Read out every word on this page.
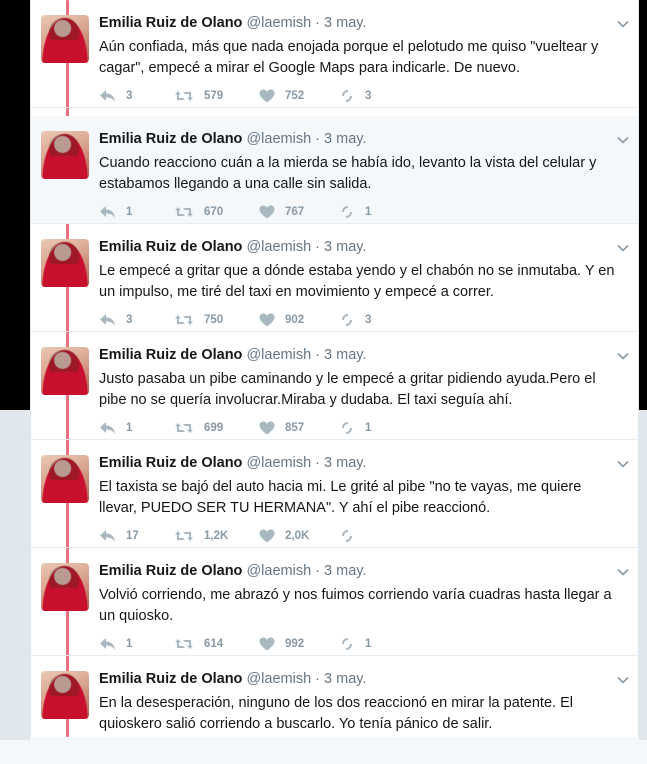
Emilia Ruiz de Olano @laemish · 3 may.
Aún confiada, más que nada enojada porque el pelotudo me quiso "vueltear y cagar", empecé a mirar el Google Maps para indicarle. De nuevo.
3	579	752	3
Emilia Ruiz de Olano @laemish · 3 may.
Cuando reacciono cuán a la mierda se había ido, levanto la vista del celular y estabamos llegando a una calle sin salida.
1	670	767	1
Emilia Ruiz de Olano @laemish · 3 may.
Le empecé a gritar que a dónde estaba yendo y el chabón no se inmutaba. Y en un impulso, me tiré del taxi en movimiento y empecé a correr.
3	750	902	3
Emilia Ruiz de Olano @laemish · 3 may.
Justo pasaba un pibe caminando y le empecé a gritar pidiendo ayuda.Pero el pibe no se quería involucrar.Miraba y dudaba. El taxi seguía ahí.
1	699	857	1
Emilia Ruiz de Olano @laemish · 3 may.
El taxista se bajó del auto hacia mi. Le grité al pibe "no te vayas, me quiere llevar, PUEDO SER TU HERMANA". Y ahí el pibe reaccionó.
17	1,2K	2,0K
Emilia Ruiz de Olano @laemish · 3 may.
Volvió corriendo, me abrazó y nos fuimos corriendo varía cuadras hasta llegar a un quiosko.
1	614	992	1
Emilia Ruiz de Olano @laemish · 3 may.
En la desesperación, ninguno de los dos reaccionó en mirar la patente. El quioskero salió corriendo a buscarlo. Yo tenía pánico de salir.
